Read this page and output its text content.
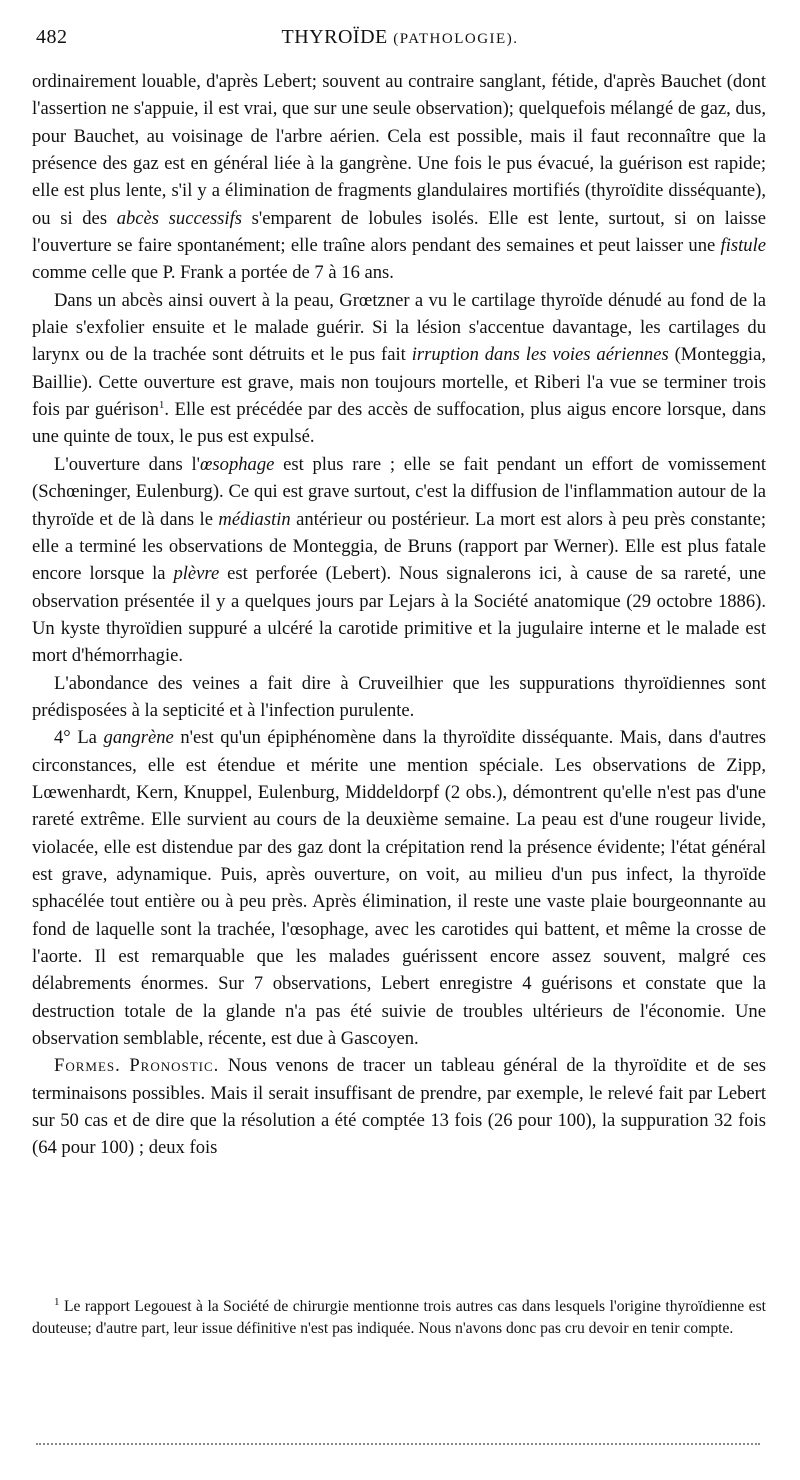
482	THYROÏDE (PATHOLOGIE).

ordinairement louable, d'après Lebert; souvent au contraire sanglant, fétide, d'après Bauchet (dont l'assertion ne s'appuie, il est vrai, que sur une seule observation); quelquefois mélangé de gaz, dus, pour Bauchet, au voisinage de l'arbre aérien. Cela est possible, mais il faut reconnaître que la présence des gaz est en général liée à la gangrène. Une fois le pus évacué, la guérison est rapide; elle est plus lente, s'il y a élimination de fragments glandulaires mortifiés (thyroïdite disséquante), ou si des abcès successifs s'emparent de lobules isolés. Elle est lente, surtout, si on laisse l'ouverture se faire spontanément; elle traîne alors pendant des semaines et peut laisser une fistule comme celle que P. Frank a portée de 7 à 16 ans.

Dans un abcès ainsi ouvert à la peau, Grœtzner a vu le cartilage thyroïde dénudé au fond de la plaie s'exfolier ensuite et le malade guérir. Si la lésion s'accentue davantage, les cartilages du larynx ou de la trachée sont détruits et le pus fait irruption dans les voies aériennes (Monteggia, Baillie). Cette ouverture est grave, mais non toujours mortelle, et Riberi l'a vue se terminer trois fois par guérison$^1$. Elle est précédée par des accès de suffocation, plus aigus encore lorsque, dans une quinte de toux, le pus est expulsé.

L'ouverture dans l'œsophage est plus rare ; elle se fait pendant un effort de vomissement (Schœninger, Eulenburg). Ce qui est grave surtout, c'est la diffusion de l'inflammation autour de la thyroïde et de là dans le médiastin antérieur ou postérieur. La mort est alors à peu près constante; elle a terminé les observations de Monteggia, de Bruns (rapport par Werner). Elle est plus fatale encore lorsque la plèvre est perforée (Lebert). Nous signalerons ici, à cause de sa rareté, une observation présentée il y a quelques jours par Lejars à la Société anatomique (29 octobre 1886). Un kyste thyroïdien suppuré a ulcéré la carotide primitive et la jugulaire interne et le malade est mort d'hémorrhagie.

L'abondance des veines a fait dire à Cruveilhier que les suppurations thyroïdiennes sont prédisposées à la septicité et à l'infection purulente.

4° La gangrène n'est qu'un épiphénomène dans la thyroïdite disséquante. Mais, dans d'autres circonstances, elle est étendue et mérite une mention spéciale. Les observations de Zipp, Lœwenhardt, Kern, Knuppel, Eulenburg, Middeldorpf (2 obs.), démontrent qu'elle n'est pas d'une rareté extrême. Elle survient au cours de la deuxième semaine. La peau est d'une rougeur livide, violacée, elle est distendue par des gaz dont la crépitation rend la présence évidente; l'état général est grave, adynamique. Puis, après ouverture, on voit, au milieu d'un pus infect, la thyroïde sphacélée tout entière ou à peu près. Après élimination, il reste une vaste plaie bourgeonnante au fond de laquelle sont la trachée, l'œsophage, avec les carotides qui battent, et même la crosse de l'aorte. Il est remarquable que les malades guérissent encore assez souvent, malgré ces délabrements énormes. Sur 7 observations, Lebert enregistre 4 guérisons et constate que la destruction totale de la glande n'a pas été suivie de troubles ultérieurs de l'économie. Une observation semblable, récente, est due à Gascoyen.

Formes. Pronostic. Nous venons de tracer un tableau général de la thyroïdite et de ses terminaisons possibles. Mais il serait insuffisant de prendre, par exemple, le relevé fait par Lebert sur 50 cas et de dire que la résolution a été comptée 13 fois (26 pour 100), la suppuration 32 fois (64 pour 100) ; deux fois

$^1$ Le rapport Legouest à la Société de chirurgie mentionne trois autres cas dans lesquels l'origine thyroïdienne est douteuse; d'autre part, leur issue définitive n'est pas indiquée. Nous n'avons donc pas cru devoir en tenir compte.
